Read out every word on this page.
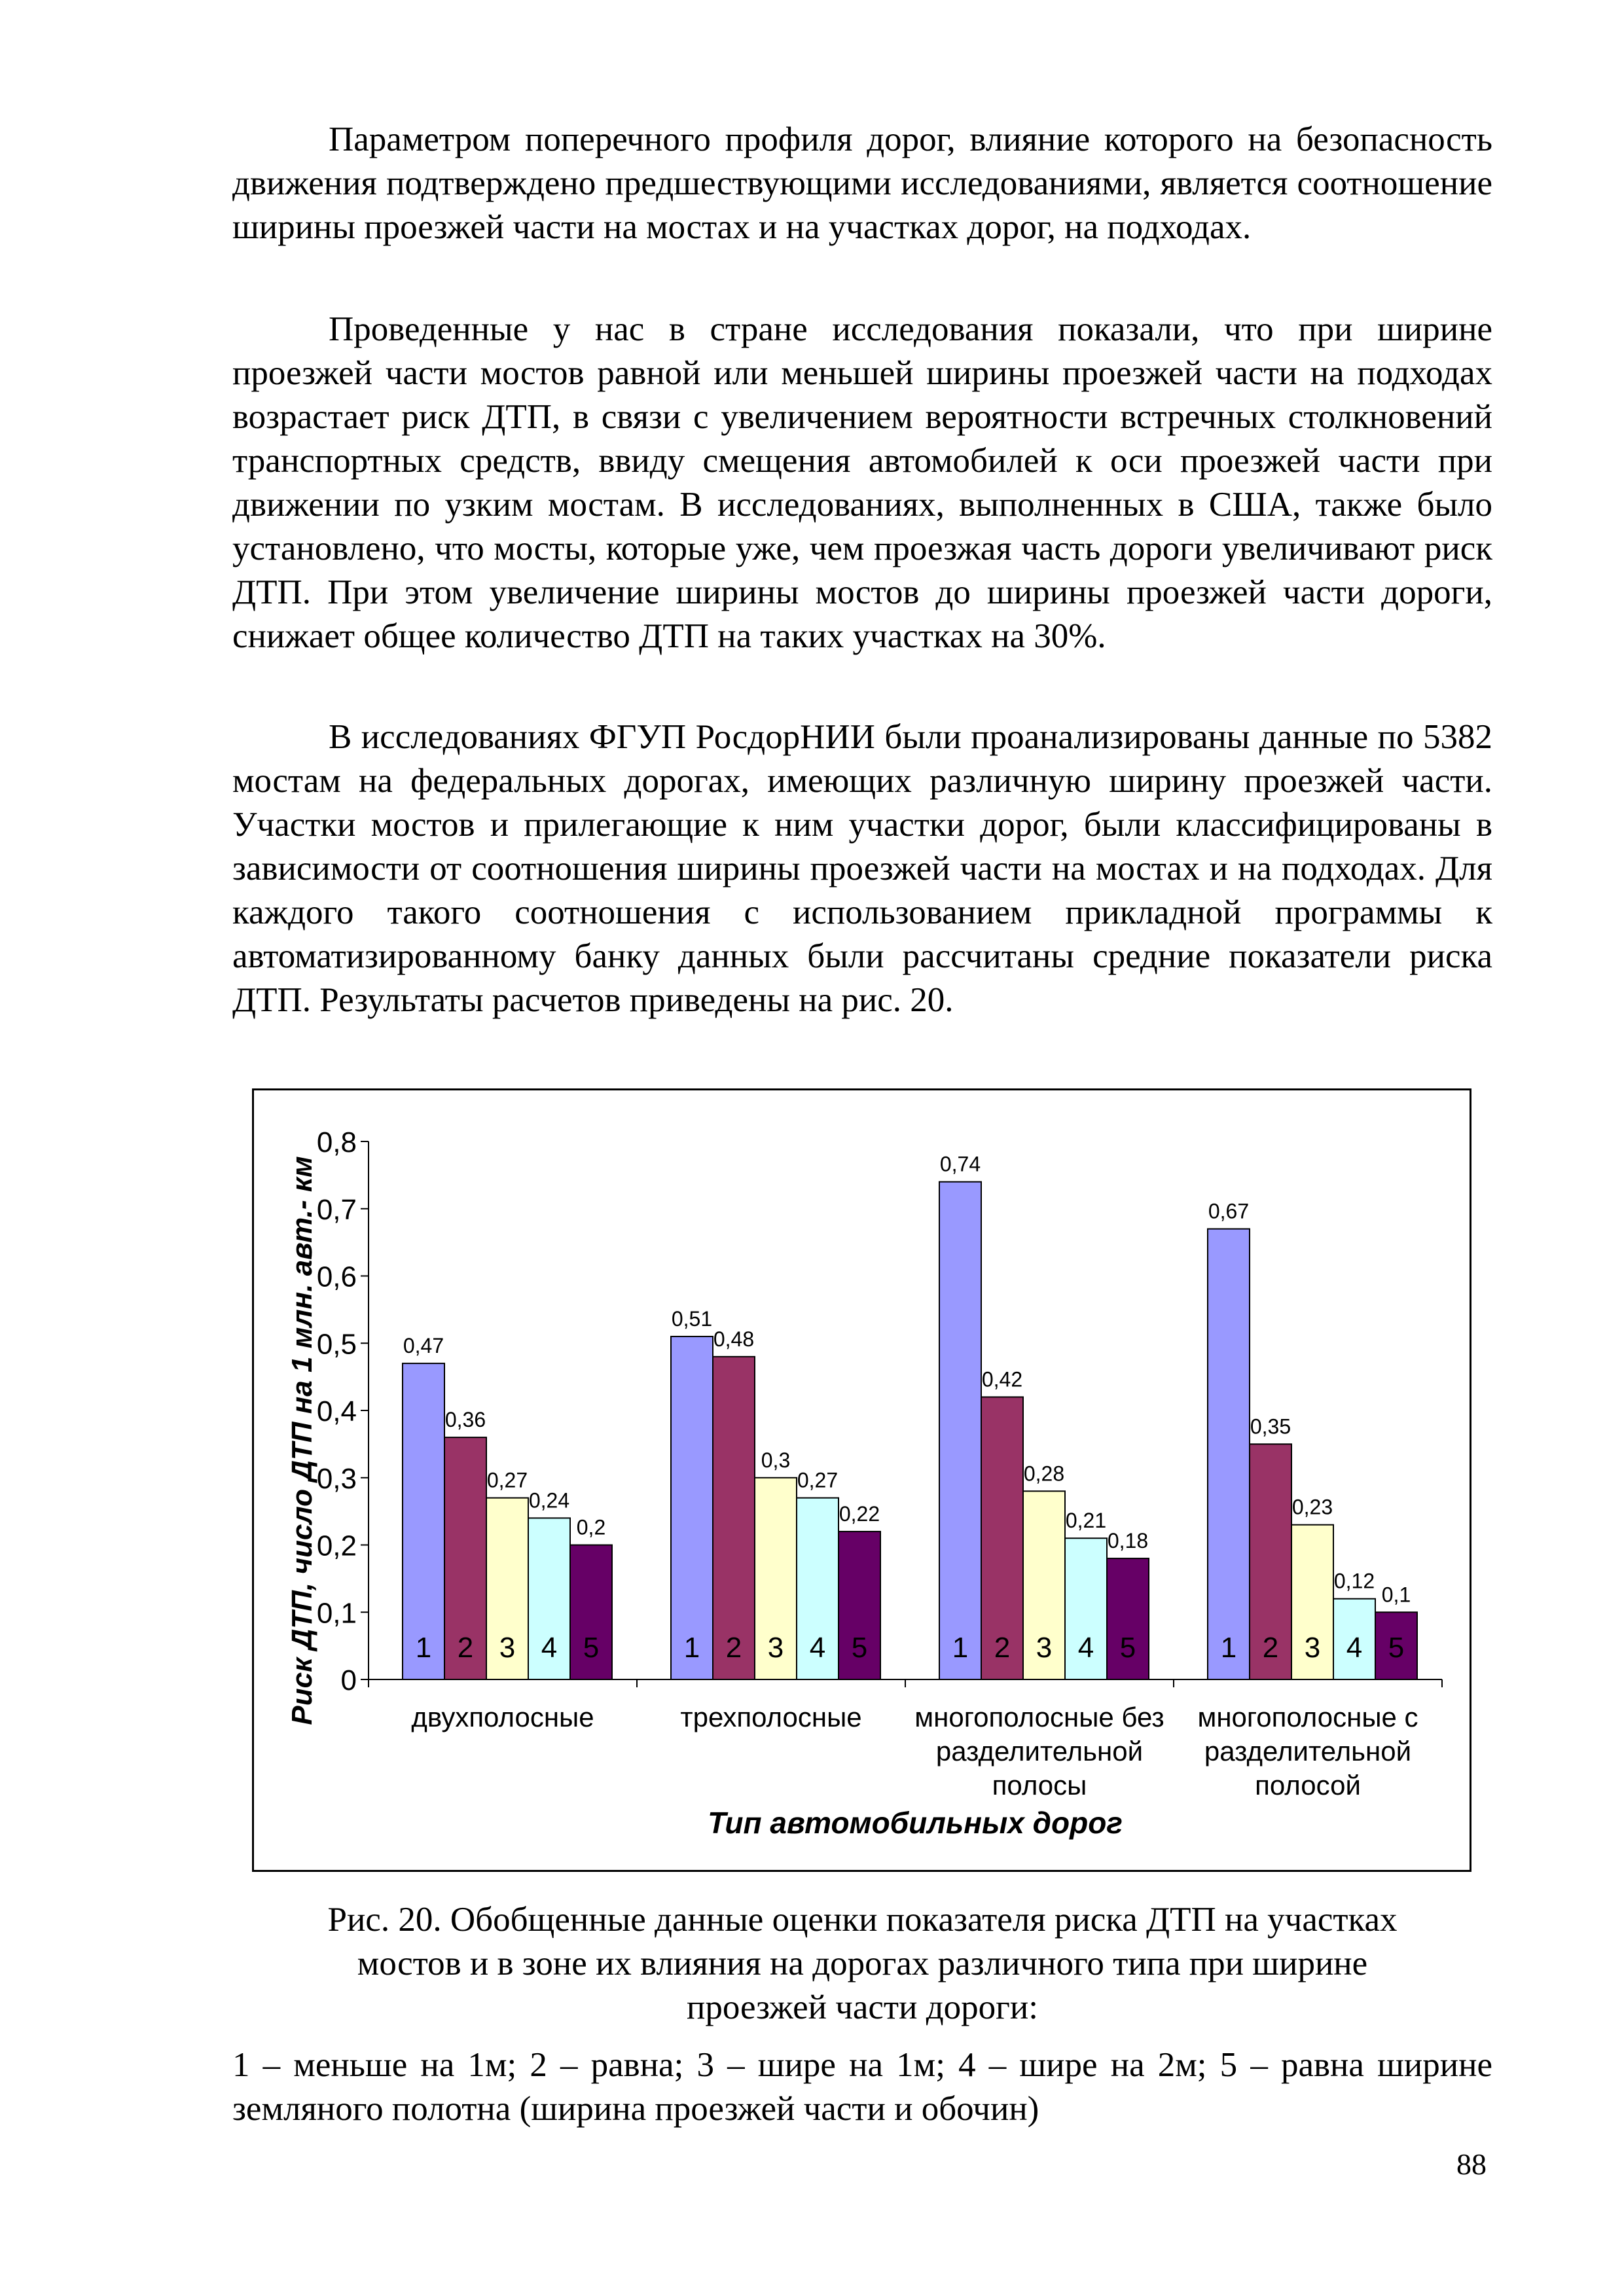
Параметром поперечного профиля дорог, влияние которого на безопасность движения подтверждено предшествующими исследованиями, является соотношение ширины проезжей части на мостах и на участках дорог, на подходах.

Проведенные у нас в стране исследования показали, что при ширине проезжей части мостов равной или меньшей ширины проезжей части на подходах возрастает риск ДТП, в связи с увеличением вероятности встречных столкновений транспортных средств, ввиду смещения автомобилей к оси проезжей части при движении по узким мостам. В исследованиях, выполненных в США, также было установлено, что мосты, которые уже, чем проезжая часть дороги увеличивают риск ДТП. При этом увеличение ширины мостов до ширины проезжей части дороги, снижает общее количество ДТП на таких участках на 30%.

В исследованиях ФГУП РосдорНИИ были проанализированы данные по 5382 мостам на федеральных дорогах, имеющих различную ширину проезжей части. Участки мостов и прилегающие к ним участки дорог, были классифицированы в зависимости от соотношения ширины проезжей части на мостах и на подходах. Для каждого такого соотношения с использованием прикладной программы к автоматизированному банку данных были рассчитаны средние показатели риска ДТП. Результаты расчетов приведены на рис. 20.

0
0,1
0,2
0,3
0,4
0,5
0,6
0,7
0,8
0,47
1
0,36
2
0,27
3
0,24
4
0,2
5
двухполосные
0,51
1
0,48
2
0,3
3
0,27
4
0,22
5
трехполосные
0,74
1
0,42
2
0,28
3
0,21
4
0,18
5
многополосные без
разделительной
полосы
0,67
1
0,35
2
0,23
3
0,12
4
0,1
5
многополосные с
разделительной
полосой
Тип автомобильных дорог
Риск ДТП, число ДТП на 1 млн. авт.- км
Рис. 20. Обобщенные данные оценки показателя риска ДТП на участках
мостов и в зоне их влияния на дорогах различного типа при ширине
проезжей части дороги:

1 – меньше на 1м; 2 – равна; 3 – шире на 1м; 4 – шире на 2м; 5 – равна ширине земляного полотна (ширина проезжей части и обочин)

88
